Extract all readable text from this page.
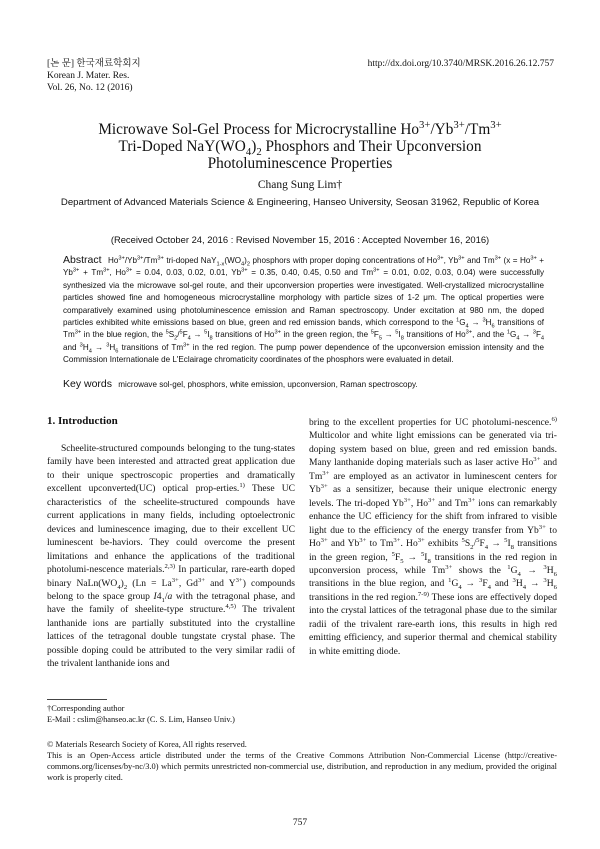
[논 문] 한국재료학회지
Korean J. Mater. Res.
Vol. 26, No. 12 (2016)
http://dx.doi.org/10.3740/MRSK.2016.26.12.757
Microwave Sol-Gel Process for Microcrystalline $Ho^{3+}/Yb^{3+}/Tm^{3+}$
Tri-Doped $NaY(WO_4)_2$ Phosphors and Their Upconversion
Photoluminescence Properties
Chang Sung Lim†
Department of Advanced Materials Science & Engineering, Hanseo University, Seosan 31962, Republic of Korea
(Received October 24, 2016 : Revised November 15, 2016 : Accepted November 16, 2016)
Abstract $Ho^{3+}/Yb^{3+}/Tm^{3+}$ tri-doped $NaY_{1-x}(WO_4)_2$ phosphors with proper doping concentrations of $Ho^{3+}$, $Yb^{3+}$ and $Tm^{3+}$ ($x = Ho^{3+} + Yb^{3+} + Tm^{3+}$, $Ho^{3+} = 0.04$, 0.03, 0.02, 0.01, $Yb^{3+} = 0.35$, 0.40, 0.45, 0.50 and $Tm^{3+} = 0.01$, 0.02, 0.03, 0.04) were successfully synthesized via the microwave sol-gel route, and their upconversion properties were investigated. Well-crystallized microcrystalline particles showed fine and homogeneous microcrystalline morphology with particle sizes of 1-2 μm. The optical properties were comparatively examined using photoluminescence emission and Raman spectroscopy. Under excitation at 980 nm, the doped particles exhibited white emissions based on blue, green and red emission bands, which correspond to the $^1G_4 \to ^3H_6$ transitions of $Tm^{3+}$ in the blue region, the $^5S_2/^5F_4 \to ^5I_8$ transitions of $Ho^{3+}$ in the green region, the $^5F_5 \to ^5I_8$ transitions of $Ho^{3+}$, and the $^1G_4 \to ^3F_4$ and $^3H_4 \to ^3H_6$ transitions of $Tm^{3+}$ in the red region. The pump power dependence of the upconversion emission intensity and the Commission Internationale de L'Eclairage chromaticity coordinates of the phosphors were evaluated in detail.
Key words microwave sol-gel, phosphors, white emission, upconversion, Raman spectroscopy.
1. Introduction

Scheelite-structured compounds belonging to the tung-states family have been interested and attracted great application due to their unique spectroscopic properties and dramatically excellent upconverted(UC) optical prop-erties.$^{1)}$ These UC characteristics of the scheelite-structured compounds have current applications in many fields, including optoelectronic devices and luminescence imaging, due to their excellent UC luminescent be-haviors. They could overcome the present limitations and enhance the applications of the traditional photolumi-nescence materials.$^{2,3)}$ In particular, rare-earth doped binary $NaLn(WO_4)_2$ ($Ln = La^{3+}$, $Gd^{3+}$ and $Y^{3+}$) compounds belong to the space group $I4_1/a$ with the tetragonal phase, and have the family of sheelite-type structure.$^{4,5)}$ The trivalent lanthanide ions are partially substituted into the crystalline lattices of the tetragonal double tungstate crystal phase. The possible doping could be attributed to the very similar radii of the trivalent lanthanide ions and

bring to the excellent properties for UC photolumi-nescence.$^{6)}$ Multicolor and white light emissions can be generated via tri-doping system based on blue, green and red emission bands. Many lanthanide doping materials such as laser active $Ho^{3+}$ and $Tm^{3+}$ are employed as an activator in luminescent centers for $Yb^{3+}$ as a sensitizer, because their unique electronic energy levels. The tri-doped $Yb^{3+}$, $Ho^{3+}$ and $Tm^{3+}$ ions can remarkably enhance the UC efficiency for the shift from infrared to visible light due to the efficiency of the energy transfer from $Yb^{3+}$ to $Ho^{3+}$ and $Yb^{3+}$ to $Tm^{3+}$. $Ho^{3+}$ exhibits $^5S_2/^5F_4 \to ^5I_8$ transitions in the green region, $^5F_5 \to ^5I_8$ transitions in the red region in upconversion process, while $Tm^{3+}$ shows the $^1G_4 \to ^3H_6$ transitions in the blue region, and $^1G_4 \to ^3F_4$ and $^3H_4 \to ^3H_6$ transitions in the red region.$^{7-9)}$ These ions are effectively doped into the crystal lattices of the tetragonal phase due to the similar radii of the trivalent rare-earth ions, this results in high red emitting efficiency, and superior thermal and chemical stability in white emitting diode.

†Corresponding author
E-Mail : cslim@hanseo.ac.kr (C. S. Lim, Hanseo Univ.)
© Materials Research Society of Korea, All rights reserved.
This is an Open-Access article distributed under the terms of the Creative Commons Attribution Non-Commercial License (http://creative-commons.org/licenses/by-nc/3.0) which permits unrestricted non-commercial use, distribution, and reproduction in any medium, provided the original work is properly cited.
757
